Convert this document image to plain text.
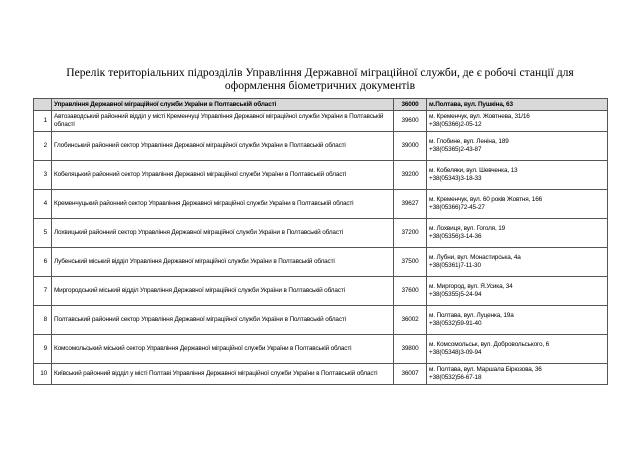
Перелік територіальних підрозділів Управління Державної міграційної служби, де є робочі станції для
оформлення біометричних документів
	Управління Державної міграційної служби України в Полтавській області	36000	м.Полтава, вул. Пушкіна, 63
1	Автозаводський районний відділ у місті Кременчуці Управління Державної міграційної служби України в Полтавській області	39600	м. Кременчук, вул. Жовтнева, 31/16
+38(05366)2-05-12

2	Глобинський районний сектор Управління Державної міграційної служби України в Полтавській області	39000	м. Глобине, вул. Леніна, 189
+38(05365)2-43-87

3	Кобеляцький районний сектор Управління Державної міграційної служби України в Полтавській області	39200	м. Кобеляки, вул. Шевченка, 13
+38(05343)3-18-33

4	Кременчуцький районний сектор Управління Державної міграційної служби України в Полтавській області	39627	м. Кременчук, вул. 60 років Жовтня, 166
+38(05366)72-45-27

5	Лохвицький районний сектор Управління Державної міграційної служби України в Полтавській області	37200	м. Лохвиця, вул. Гоголя, 19
+38(05356)3-14-36

6	Лубенський міський відділ Управління Державної міграційної служби України в Полтавській області	37500	м. Лубни, вул. Монастирська, 4а
+38(05361)7-11-30

7	Миргородський міський відділ Управління Державної міграційної служби України в Полтавській області	37600	м. Миргород, вул. Я.Усика, 34
+38(05355)5-24-94

8	Полтавський районний сектор Управління Державної міграційної служби України в Полтавській області	36002	м. Полтава, вул. Луценка, 19а
+38(0532)59-91-40

9	Комсомольський міський сектор Управління Державної міграційної служби України в Полтавській області	39800	м. Комсомольськ, вул. Добровольського, 6
+38(05348)3-09-94

10	Київський районний відділ у місті Полтаві Управління Державної міграційної служби України в Полтавській області	36007	м. Полтава, вул. Маршала Бірюзова, 36
+38(0532)56-67-18
